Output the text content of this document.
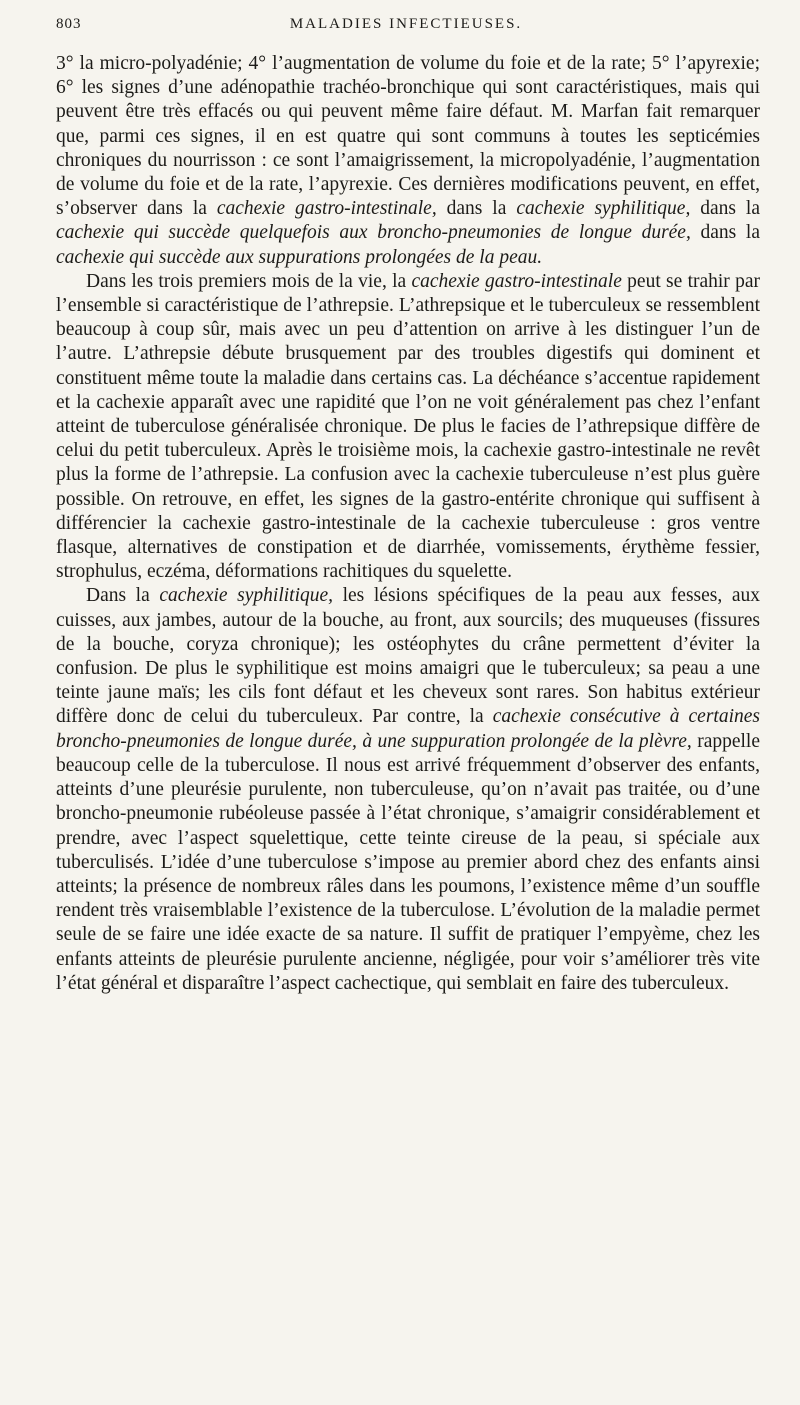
803	MALADIES INFECTIEUSES.

3° la micro-polyadénie; 4° l’augmentation de volume du foie et de la rate; 5° l’apyrexie; 6° les signes d’une adénopathie trachéo-bronchique qui sont caractéristiques, mais qui peuvent être très effacés ou qui peuvent même faire défaut. M. Marfan fait remarquer que, parmi ces signes, il en est quatre qui sont communs à toutes les septicémies chroniques du nourrisson : ce sont l’amaigrissement, la micropolyadénie, l’augmentation de volume du foie et de la rate, l’apyrexie. Ces dernières modifications peuvent, en effet, s’observer dans la cachexie gastro-intestinale, dans la cachexie syphilitique, dans la cachexie qui succède quelquefois aux broncho-pneumonies de longue durée, dans la cachexie qui succède aux suppurations prolongées de la peau.

Dans les trois premiers mois de la vie, la cachexie gastro-intestinale peut se trahir par l’ensemble si caractéristique de l’athrepsie. L’athrepsique et le tuberculeux se ressemblent beaucoup à coup sûr, mais avec un peu d’attention on arrive à les distinguer l’un de l’autre. L’athrepsie débute brusquement par des troubles digestifs qui dominent et constituent même toute la maladie dans certains cas. La déchéance s’accentue rapidement et la cachexie apparaît avec une rapidité que l’on ne voit généralement pas chez l’enfant atteint de tuberculose généralisée chronique. De plus le facies de l’athrepsique diffère de celui du petit tuberculeux. Après le troisième mois, la cachexie gastro-intestinale ne revêt plus la forme de l’athrepsie. La confusion avec la cachexie tuberculeuse n’est plus guère possible. On retrouve, en effet, les signes de la gastro-entérite chronique qui suffisent à différencier la cachexie gastro-intestinale de la cachexie tuberculeuse : gros ventre flasque, alternatives de constipation et de diarrhée, vomissements, érythème fessier, strophulus, eczéma, déformations rachitiques du squelette.

Dans la cachexie syphilitique, les lésions spécifiques de la peau aux fesses, aux cuisses, aux jambes, autour de la bouche, au front, aux sourcils; des muqueuses (fissures de la bouche, coryza chronique); les ostéophytes du crâne permettent d’éviter la confusion. De plus le syphilitique est moins amaigri que le tuberculeux; sa peau a une teinte jaune maïs; les cils font défaut et les cheveux sont rares. Son habitus extérieur diffère donc de celui du tuberculeux. Par contre, la cachexie consécutive à certaines broncho-pneumonies de longue durée, à une suppuration prolongée de la plèvre, rappelle beaucoup celle de la tuberculose. Il nous est arrivé fréquemment d’observer des enfants, atteints d’une pleurésie purulente, non tuberculeuse, qu’on n’avait pas traitée, ou d’une broncho-pneumonie rubéoleuse passée à l’état chronique, s’amaigrir considérablement et prendre, avec l’aspect squelettique, cette teinte cireuse de la peau, si spéciale aux tuberculisés. L’idée d’une tuberculose s’impose au premier abord chez des enfants ainsi atteints; la présence de nombreux râles dans les poumons, l’existence même d’un souffle rendent très vraisemblable l’existence de la tuberculose. L’évolution de la maladie permet seule de se faire une idée exacte de sa nature. Il suffit de pratiquer l’empyème, chez les enfants atteints de pleurésie purulente ancienne, négligée, pour voir s’améliorer très vite l’état général et disparaître l’aspect cachectique, qui semblait en faire des tuberculeux.
